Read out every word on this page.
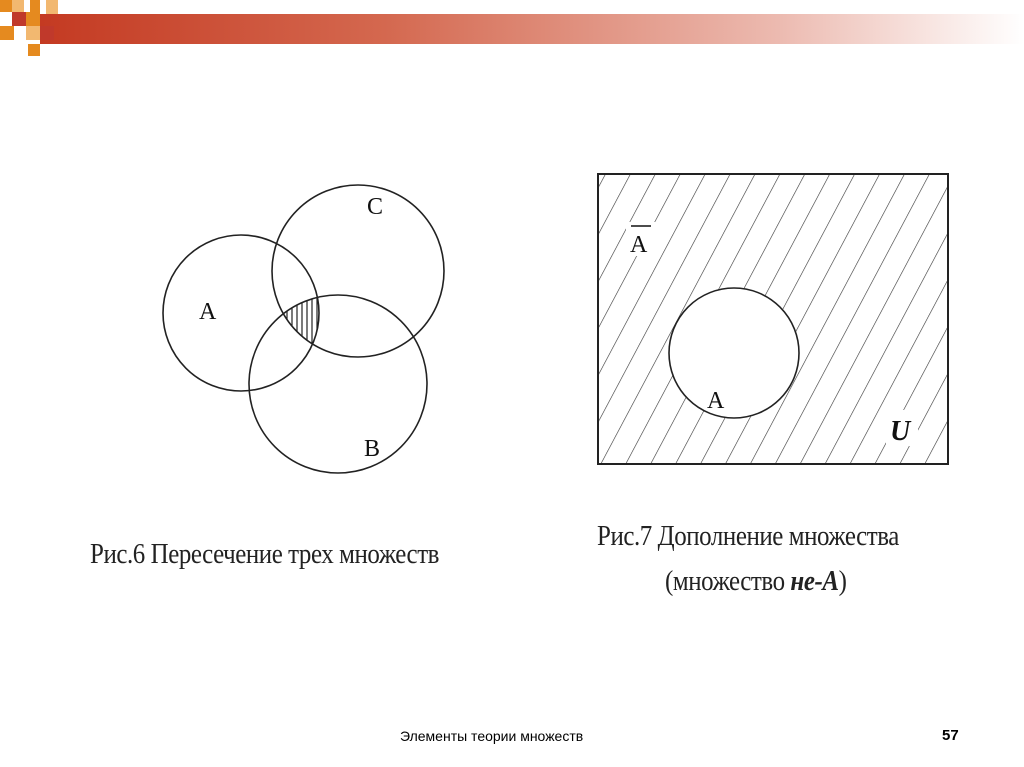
A
C
B
A
A
U
Рис.6 Пересечение трех множеств
Рис.7 Дополнение множества
(множество не-А)
Элементы теории множеств	57
